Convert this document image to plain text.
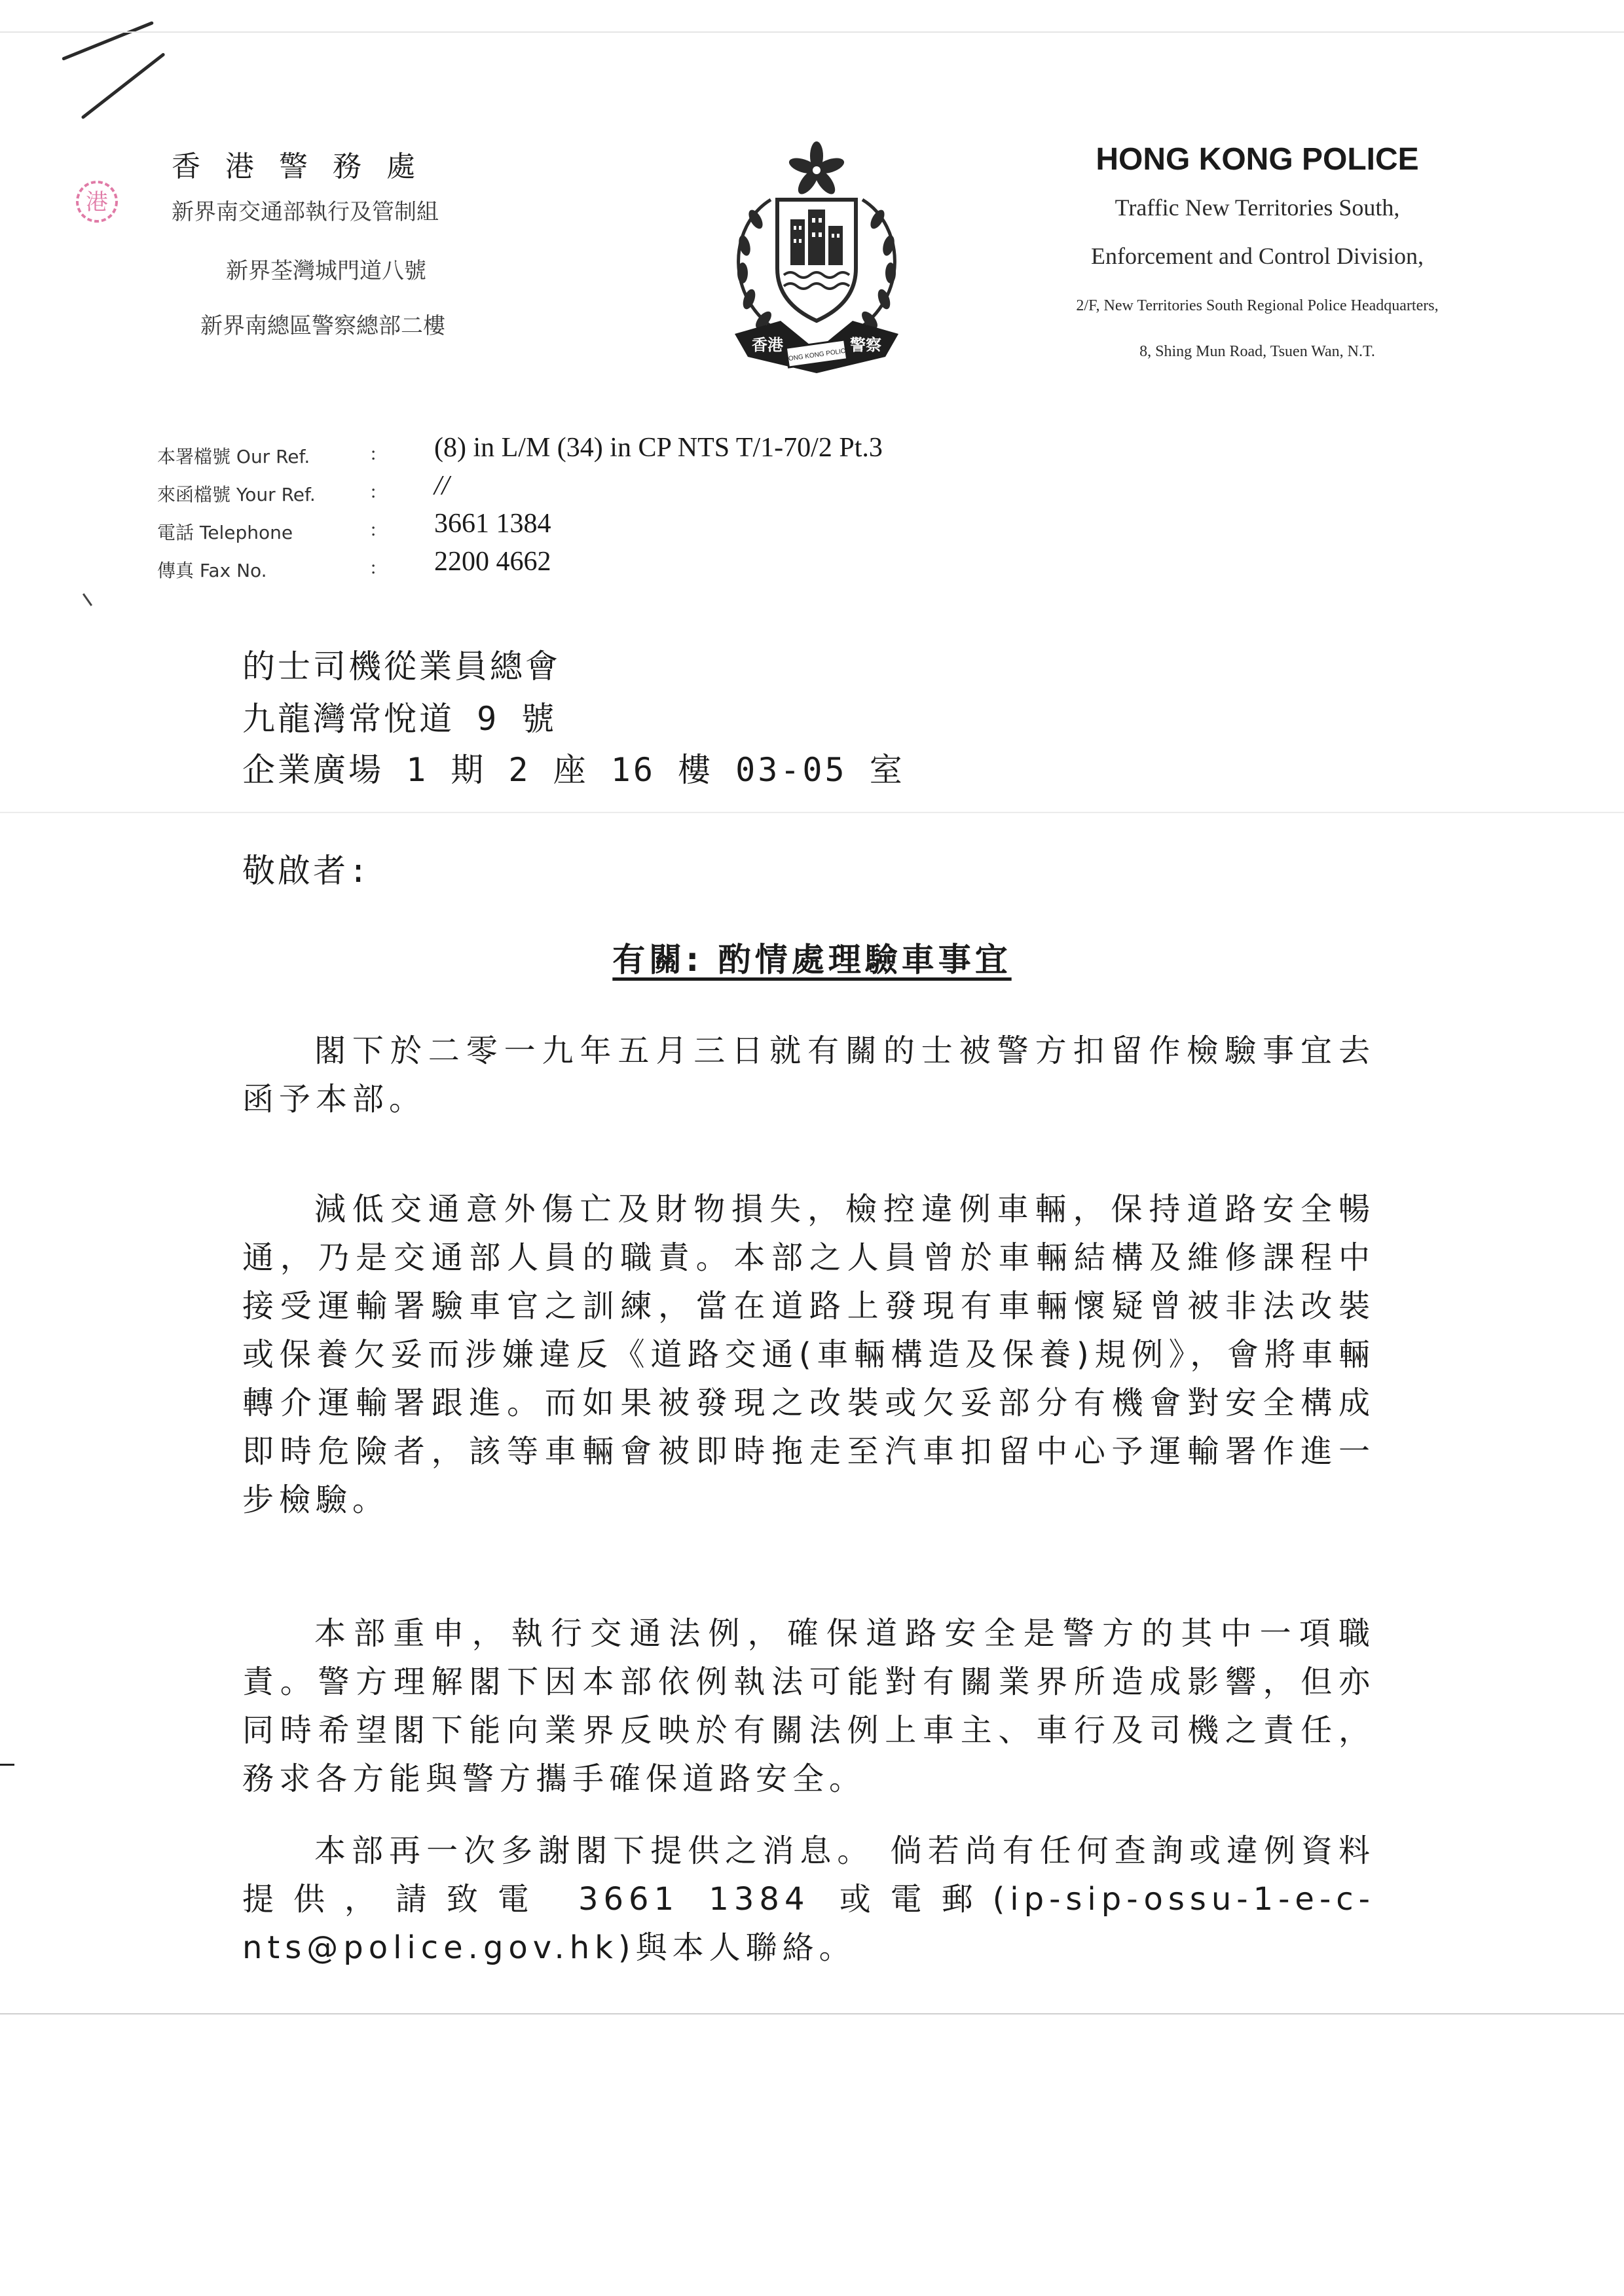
港
香港警務處
新界南交通部執行及管制組
新界荃灣城門道八號
新界南總區警察總部二樓
香港
HONG KONG POLICE
警察
HONG KONG POLICE
Traffic New Territories South,
Enforcement and Control Division,
2/F, New Territories South Regional Police Headquarters,
8, Shing Mun Road, Tsuen Wan, N.T.
本署檔號 Our Ref.	: (8) in L/M (34) in CP NTS T/1-70/2 Pt.3
來函檔號 Your Ref.	: //
電話 Telephone	: 3661 1384
傳真 Fax No.	: 2200 4662
的士司機從業員總會
九龍灣常悅道 9 號
企業廣場 1 期 2 座 16 樓 03-05 室
敬啟者:
有關: 酌情處理驗車事宜

閣下於二零一九年五月三日就有關的士被警方扣留作檢驗事宜去函予本部。

減低交通意外傷亡及財物損失，檢控違例車輛，保持道路安全暢通，乃是交通部人員的職責。本部之人員曾於車輛結構及維修課程中接受運輸署驗車官之訓練，當在道路上發現有車輛懷疑曾被非法改裝或保養欠妥而涉嫌違反《道路交通(車輛構造及保養)規例》，會將車輛轉介運輸署跟進。而如果被發現之改裝或欠妥部分有機會對安全構成即時危險者，該等車輛會被即時拖走至汽車扣留中心予運輸署作進一步檢驗。

本部重申，執行交通法例，確保道路安全是警方的其中一項職責。警方理解閣下因本部依例執法可能對有關業界所造成影響，但亦同時希望閣下能向業界反映於有關法例上車主、車行及司機之責任，務求各方能與警方攜手確保道路安全。

本部再一次多謝閣下提供之消息。 倘若尚有任何查詢或違例資料提供，請致電 3661 1384 或電郵(ip-sip-ossu-1-e-c-nts@police.gov.hk)與本人聯絡。
